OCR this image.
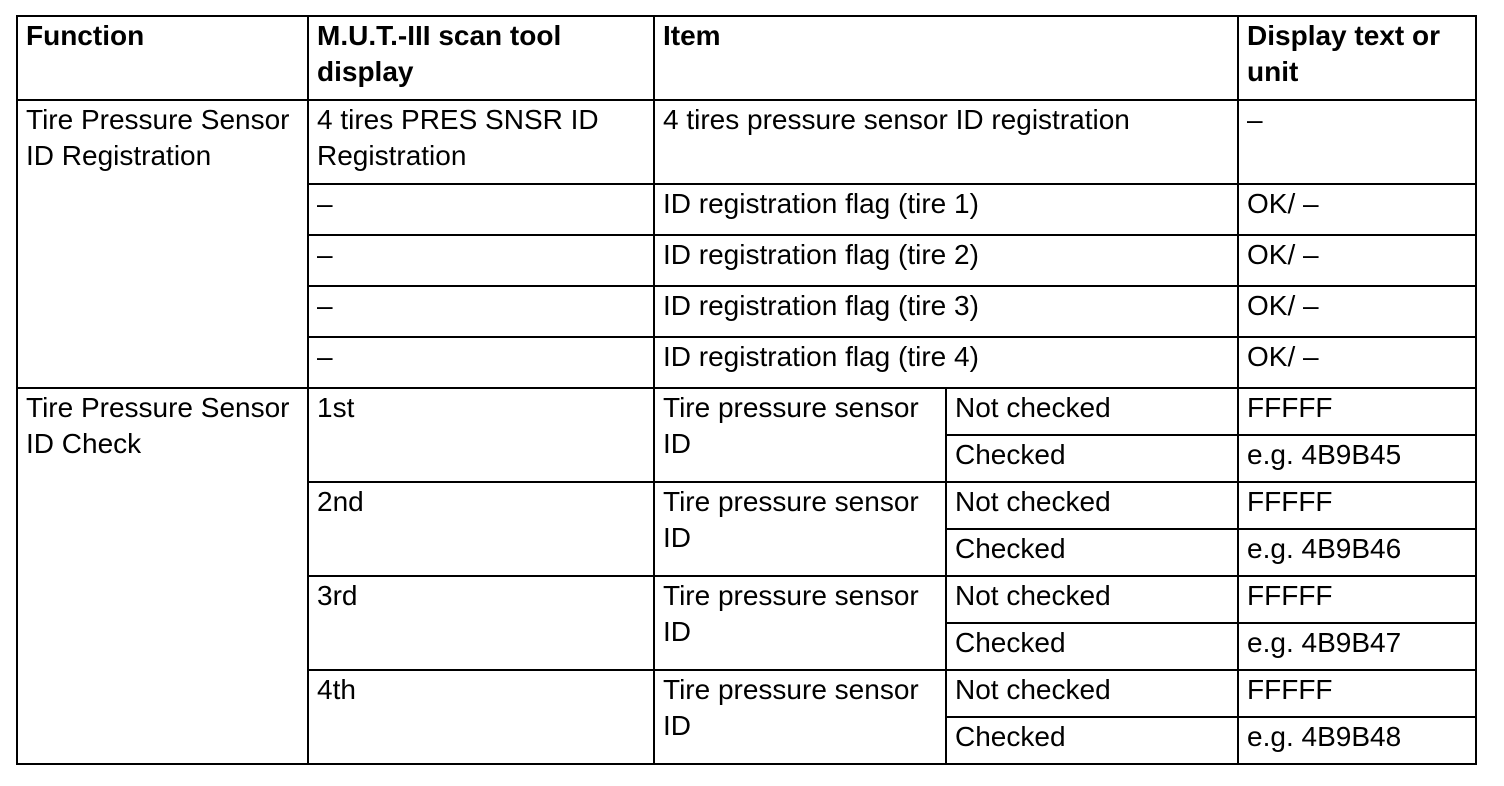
Function	M.U.T.-III scan tool display	Item		Display text or unit
Tire Pressure Sensor ID Registration	4 tires PRES SNSR ID Registration	4 tires pressure sensor ID registration		–
	–	ID registration flag (tire 1)		OK/ –
	–	ID registration flag (tire 2)		OK/ –
	–	ID registration flag (tire 3)		OK/ –
	–	ID registration flag (tire 4)		OK/ –
Tire Pressure Sensor ID Check	1st	Tire pressure sensor ID	Not checked	FFFFF
			Checked	e.g. 4B9B45
	2nd	Tire pressure sensor ID	Not checked	FFFFF
			Checked	e.g. 4B9B46
	3rd	Tire pressure sensor ID	Not checked	FFFFF
			Checked	e.g. 4B9B47
	4th	Tire pressure sensor ID	Not checked	FFFFF
			Checked	e.g. 4B9B48
